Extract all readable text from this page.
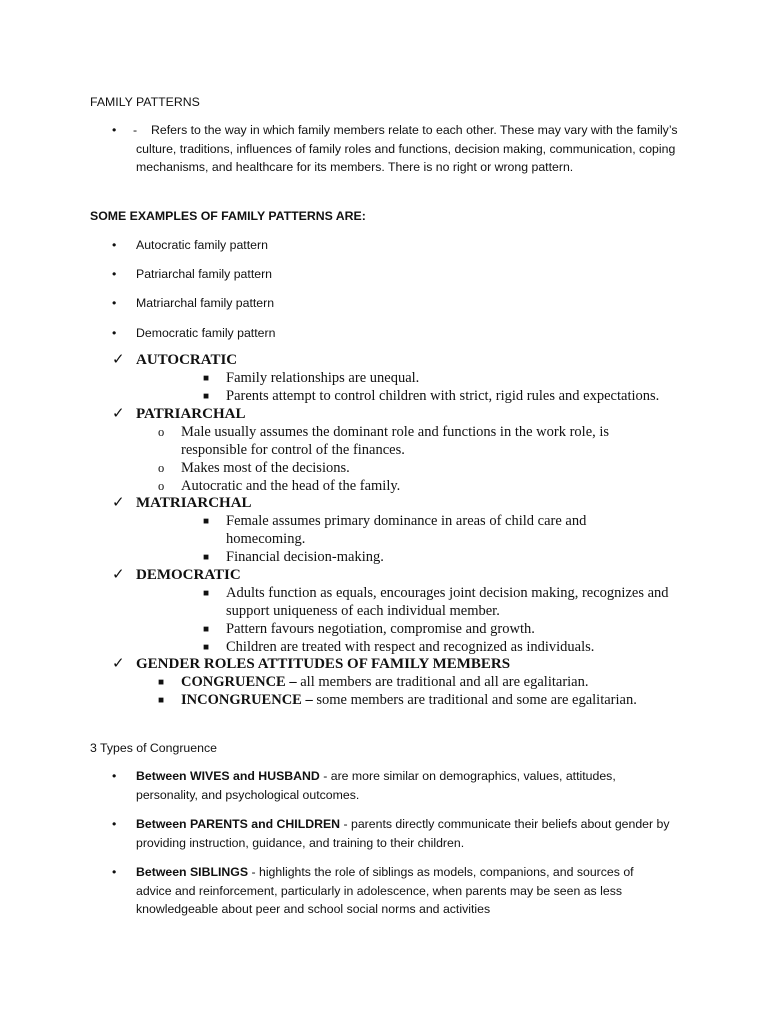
FAMILY PATTERNS
• -	Refers to the way in which family members relate to each other. These may vary with the family’s culture, traditions, influences of family roles and functions, decision making, communication, coping mechanisms, and healthcare for its members. There is no right or wrong pattern.
SOME EXAMPLES OF FAMILY PATTERNS ARE:
• Autocratic family pattern
• Patriarchal family pattern
• Matriarchal family pattern
• Democratic family pattern
✓ AUTOCRATIC
■ Family relationships are unequal.
■ Parents attempt to control children with strict, rigid rules and expectations.
✓ PATRIARCHAL
o Male usually assumes the dominant role and functions in the work role, is responsible for control of the finances.
o Makes most of the decisions.
o Autocratic and the head of the family.
✓ MATRIARCHAL
■ Female assumes primary dominance in areas of child care and homecoming.
■ Financial decision-making.
✓ DEMOCRATIC
■ Adults function as equals, encourages joint decision making, recognizes and support uniqueness of each individual member.
■ Pattern favours negotiation, compromise and growth.
■ Children are treated with respect and recognized as individuals.
✓ GENDER ROLES ATTITUDES OF FAMILY MEMBERS
■ CONGRUENCE – all members are traditional and all are egalitarian.
■ INCONGRUENCE – some members are traditional and some are egalitarian.
3 Types of Congruence
• Between WIVES and HUSBAND - are more similar on demographics, values, attitudes, personality, and psychological outcomes.
• Between PARENTS and CHILDREN - parents directly communicate their beliefs about gender by providing instruction, guidance, and training to their children.
• Between SIBLINGS - highlights the role of siblings as models, companions, and sources of advice and reinforcement, particularly in adolescence, when parents may be seen as less knowledgeable about peer and school social norms and activities
